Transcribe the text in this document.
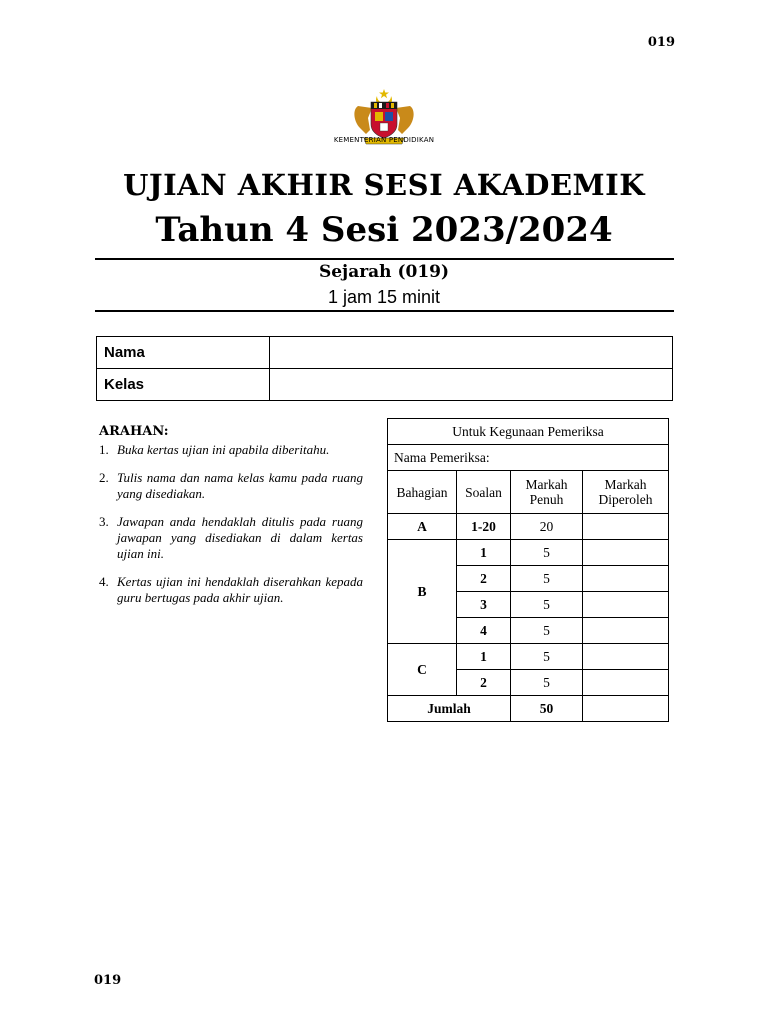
019
KEMENTERIAN PENDIDIKAN
UJIAN AKHIR SESI AKADEMIK
Tahun 4 Sesi 2023/2024
Sejarah (019)
1 jam 15 minit
Nama	
Kelas	
ARAHAN:
1. Buka kertas ujian ini apabila diberitahu.
2. Tulis nama dan nama kelas kamu pada ruang yang disediakan.
3. Jawapan anda hendaklah ditulis pada ruang jawapan yang disediakan di dalam kertas ujian ini.
4. Kertas ujian ini hendaklah diserahkan kepada guru bertugas pada akhir ujian.
Untuk Kegunaan Pemeriksa			
Nama Pemeriksa:			
Bahagian	Soalan	Markah Penuh	Markah Diperoleh
A	1-20	20	
B	1	5	
	2	5	
	3	5	
	4	5	
C	1	5	
	2	5	
Jumlah		50	
019
